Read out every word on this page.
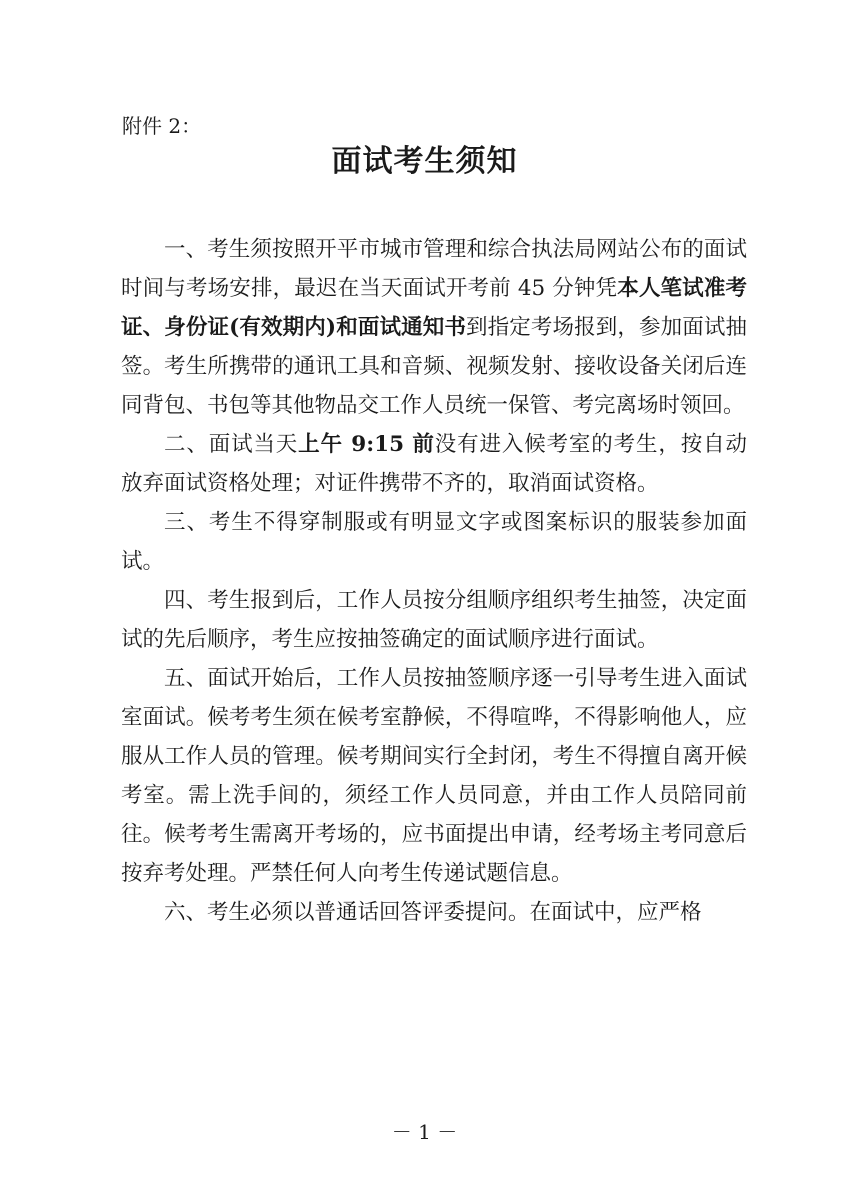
附件 2：
面试考生须知

一、考生须按照开平市城市管理和综合执法局网站公布的面试时间与考场安排，最迟在当天面试开考前 45 分钟凭本人笔试准考证、身份证(有效期内)和面试通知书到指定考场报到，参加面试抽签。考生所携带的通讯工具和音频、视频发射、接收设备关闭后连同背包、书包等其他物品交工作人员统一保管、考完离场时领回。

二、面试当天上午 9:15 前没有进入候考室的考生，按自动放弃面试资格处理；对证件携带不齐的，取消面试资格。

三、考生不得穿制服或有明显文字或图案标识的服装参加面试。

四、考生报到后，工作人员按分组顺序组织考生抽签，决定面试的先后顺序，考生应按抽签确定的面试顺序进行面试。

五、面试开始后，工作人员按抽签顺序逐一引导考生进入面试室面试。候考考生须在候考室静候，不得喧哗，不得影响他人，应服从工作人员的管理。候考期间实行全封闭，考生不得擅自离开候考室。需上洗手间的，须经工作人员同意，并由工作人员陪同前往。候考考生需离开考场的，应书面提出申请，经考场主考同意后按弃考处理。严禁任何人向考生传递试题信息。

六、考生必须以普通话回答评委提问。在面试中，应严格

－ 1 －
